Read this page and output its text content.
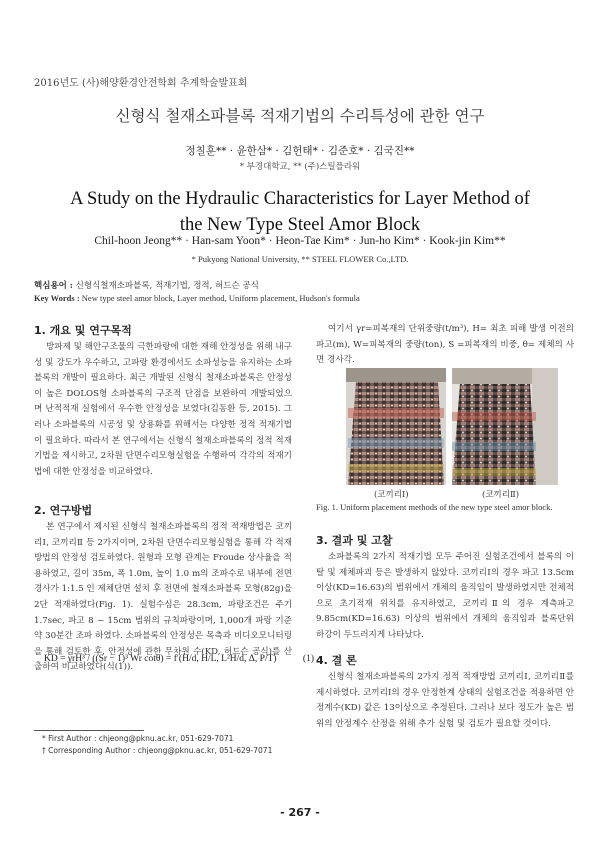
2016년도 (사)해양환경안전학회 추계학술발표회
신형식 철재소파블록 적재기법의 수리특성에 관한 연구
정칠훈** · 윤한삼* · 김헌태* · 김준호* · 김국진**
* 부경대학교, ** (주)스틸플라워
A Study on the Hydraulic Characteristics for Layer Method of
the New Type Steel Amor Block
Chil-hoon Jeong** · Han-sam Yoon* · Heon-Tae Kim* · Jun-ho Kim* · Kook-jin Kim**
* Pukyong National University, ** STEEL FLOWER Co.,LTD.
핵심용어 : 신형식철재소파블록, 적재기법, 정적, 허드슨 공식
Key Words : New type steel amor block, Layer method, Uniform placement, Hudson's formula
1. 개요 및 연구목적

방파제 및 해안구조물의 극한파랑에 대한 재해 안정성을 위해 내구성 및 강도가 우수하고, 고파랑 환경에서도 소파성능을 유지하는 소파블록의 개발이 필요하다. 최근 개발된 신형식 철재소파블록은 안정성이 높은 DOLOS형 소파블록의 구조적 단점을 보완하여 개발되었으며 난적적재 실험에서 우수한 안정성을 보였다(김동환 등, 2015). 그러나 소파블록의 시공성 및 상용화를 위해서는 다양한 정적 적재기법이 필요하다. 따라서 본 연구에서는 신형식 철재소파블록의 정적 적재기법을 제시하고, 2차원 단면수리모형실험을 수행하여 각각의 적재기법에 대한 안정성을 비교하였다.

2. 연구방법

본 연구에서 제시된 신형식 철재소파블록의 정적 적재방법은 코끼리Ⅰ, 코끼리Ⅱ 등 2가지이며, 2차원 단면수리모형실험을 통해 각 적재방법의 안정성 검토하였다. 원형과 모형 관계는 Froude 상사율을 적용하였고, 길이 35m, 폭 1.0m, 높이 1.0 m의 조파수로 내부에 전면경사가 1:1.5 인 제체단면 설치 후 전면에 철재소파블록 모형(82g)을 2단 적재하였다(Fig. 1). 실험수심은 28.3cm, 파랑조건은 주기 1.7sec, 파고 8 ~ 15cm 범위의 규칙파랑이며, 1,000개 파랑 기준 약 30분간 조파 하였다. 소파블록의 안정성은 목측과 비디오모니터링을 통해 검토한 후, 안정성에 관한 무차원 수(KD, 허드슨 공식)를 산출하여 비교하였다(식(1)).

KD = γrH³ / ((Sr − 1)³ Wr cotθ) = f′(H/d, H/L, L²H/d, Δ, P/T)	(1)
* First Author : chjeong@pknu.ac.kr, 051-629-7071
† Corresponding Author : chjeong@pknu.ac.kr, 051-629-7071

여기서 γr=피복재의 단위중량(t/m³), H= 최초 피해 발생 이전의 파고(m), W=피복재의 중량(ton), S =피복재의 비중, θ= 제체의 사면 경사각.

(코끼리Ⅰ)	(코끼리Ⅱ)
Fig. 1. Uniform placement methods of the new type steel amor block.
3. 결과 및 고찰

소파블록의 2가지 적재기법 모두 주어진 실험조건에서 블록의 이탈 및 제체파괴 등은 발생하지 않았다. 코끼리Ⅰ의 경우 파고 13.5cm 이상(KD=16.63)의 범위에서 개체의 움직임이 발생하였지만 전체적으로 초기적재 위치를 유지하였고, 코끼리Ⅱ의 경우 계측파고 9.85cm(KD=16.63) 이상의 범위에서 개체의 움직임과 블록단위 하강이 두드러지게 나타났다.

4. 결 론

신형식 철재소파블록의 2가지 정적 적재방법 코끼리Ⅰ, 코끼리Ⅱ를 제시하였다. 코끼리Ⅰ의 경우 안정한계 상태의 실험조건을 적용하면 안정계수(KD) 값은 13이상으로 추정된다. 그러나 보다 정도가 높은 범위의 안정계수 산정을 위해 추가 실험 및 검토가 필요할 것이다.

- 267 -
